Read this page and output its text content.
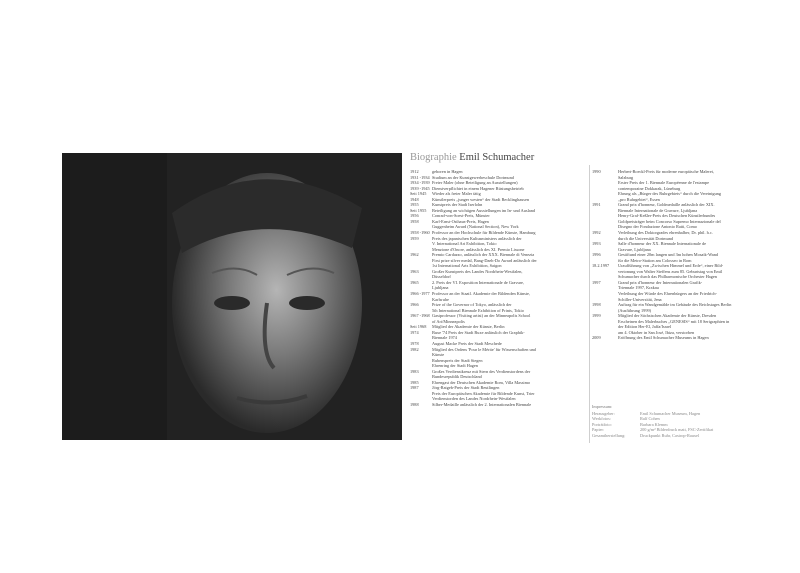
Biographie Emil Schumacher
1912	geboren in Hagen
1931 -1934 Studium an der Kunstgewerbeschule Dortmund
1934 -1939 Freier Maler (ohne Beteiligung an Ausstellungen)
1939 -1945 Dienstverpflichtet in einem Hagener Rüstungsbetrieb
Seit 1945	Wieder als freier Maler tätig
1948	Künstlerpreis „junger westen“ der Stadt Recklinghausen
1955	Kunstpreis der Stadt Iserlohn
Seit 1955	Beteiligung an wichtigen Ausstellungen im In- und Ausland
1956	Conrad-von-Soest-Preis, Münster
1958	Karl-Ernst-Osthaus-Preis, Hagen
Guggenheim Award (National Section), New York
1958 -1960 Professor an der Hochschule für Bildende Künste, Hamburg
1959	Preis des japanischen Kultusministers anlässlich der
V. International Art Exhibition, Tokio
Menzione d'Onore, anlässlich des XI. Premio Lissone
1962	Premio Cardazzo, anlässlich der XXX. Biennale di Venezia
First prize silver medal, Bang-Daeh-Do Award anlässlich der
1st International Arts Exhibition, Saigon
1963	Großer Kunstpreis des Landes Nordrhein-Westfalen,
Düsseldorf
1965	2. Preis der VI. Exposition Internationale de Gravure,
Ljubljana
1966 -1977 Professor an der Staatl. Akademie der Bildenden Künste,
Karlsruhe
1966	Prize of the Governor of Tokyo, anlässlich der
5th International Biennale Exhibition of Prints, Tokio
1967 -1968 Gastprofessor (Visiting artist) an der Minneapolis School
of Art/Minneapolis
Seit 1968	Mitglied der Akademie der Künste, Berlin
1974	Buxe '74 Preis der Stadt Buxe anlässlich der Graphik-
Biennale 1974
1978	August Macke Preis der Stadt Meschede
1982	Mitglied des Ordens 'Pour le Mérite' für Wissenschaften und
Künste
Rubenspreis der Stadt Siegen
Ehrenring der Stadt Hagen
1983	Großes Verdienstkreuz mit Stern des Verdienstordens der
Bundesrepublik Deutschland
1985	Ehrengast der Deutschen Akademie Rom, Villa Massimo
1987	Jörg-Ratgeb-Preis der Stadt Reutlingen
Preis der Europäischen Akademie für Bildende Kunst, Trier
Verdienstorden des Landes Nordrhein-Westfalen
1988	Silber-Medaille anlässlich der 2. Internationalen Biennale
1990	Herbert-Boeckl-Preis für moderne europäische Malerei,
Salzburg
Erster Preis der 1. Biennale Européenne de l'estampe
contemporaine Dokkarak, Lüneburg
Ehrung als „Bürger des Ruhrgebiets“ durch die Vereinigung
„pro Ruhrgebiet“, Essen
1991	Grand prix d'honneur, Goldmedaille anlässlich der XIX.
Biennale Internationale de Gravure, Ljubljana
Henry-Graf-Keßler-Preis des Deutschen Künstlerbundes
Goldpreisträger beim Concorso Supremo Internazionale del
Disegno der Fondazione Antonio Ratti, Como
1992	Verleihung des Doktorgrades ehrenhalber, Dr. phil. h.c.
durch die Universität Dortmund
1993	Salle d'honneur der XX. Biennale Internationale de
Gravure, Ljubljana
1996	Gestiftund einer 20m langen und 3m hohen Mosaik-Wand
für die Metro-Station am Colosseo in Rom
18.2.1997	Uraufführung von „Zwischen Himmel und Erde“, einer Bild-
vertonung von Walter Steffens zum 85. Geburtstag von Emil
Schumacher durch das Philharmonische Orchester Hagen
1997	Grand prix d'honneur der Internationalen Grafik-
Triennale 1997, Krakau
Verleihung der Würde des Ehrenbürgers an der Friedrich-
Schiller-Universität, Jena
1998	Auftrag für ein Wandgemälde im Gebäude des Reichstages Berlin
(Ausführung 1999)
1999	Mitglied der Sächsischen Akademie der Künste, Dresden
Erscheinen des Malerbuches „GENESIS“ mit 18 Serigraphien in
der Edition Her-El, Jaffa/Israel
am 4. Oktober in San José, Ibiza, verstorben
2009	Eröffnung des Emil Schumacher Museums in Hagen
Impressum:
Herausgeber:	Emil Schumacher Museum, Hagen
Werkfotos:	Ralf Cohen
Porträtfoto:	Barbara Klemm
Papier:	200 g/m² Bilderdruck matt, FSC-Zertifikat
Gesamtherstellung:	Druckpunkt Ruhr, Castrop-Rauxel
